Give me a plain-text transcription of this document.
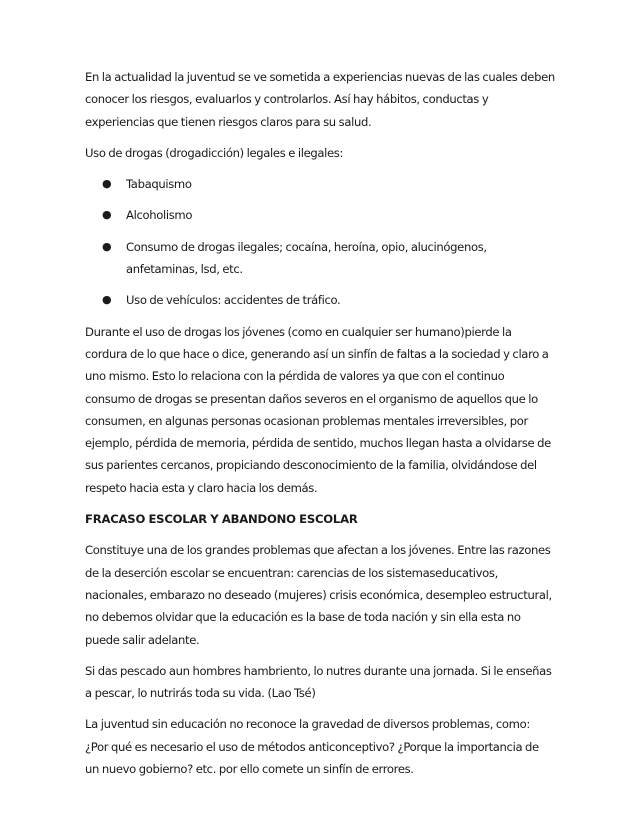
En la actualidad la juventud se ve sometida a experiencias nuevas de las cuales deben conocer los riesgos, evaluarlos y controlarlos. Así hay hábitos, conductas y experiencias que tienen riesgos claros para su salud.

Uso de drogas (drogadicción) legales e ilegales:

● Tabaquismo
● Alcoholismo
● Consumo de drogas ilegales; cocaína, heroína, opio, alucinógenos, anfetaminas, lsd, etc.
● Uso de vehículos: accidentes de tráfico.

Durante el uso de drogas los jóvenes (como en cualquier ser humano)pierde la cordura de lo que hace o dice, generando así un sinfín de faltas a la sociedad y claro a uno mismo. Esto lo relaciona con la pérdida de valores ya que con el continuo consumo de drogas se presentan daños severos en el organismo de aquellos que lo consumen, en algunas personas ocasionan problemas mentales irreversibles, por ejemplo, pérdida de memoria, pérdida de sentido, muchos llegan hasta a olvidarse de sus parientes cercanos, propiciando desconocimiento de la familia, olvidándose del respeto hacia esta y claro hacia los demás.

FRACASO ESCOLAR Y ABANDONO ESCOLAR

Constituye una de los grandes problemas que afectan a los jóvenes. Entre las razones de la deserción escolar se encuentran: carencias de los sistemaseducativos, nacionales, embarazo no deseado (mujeres) crisis económica, desempleo estructural, no debemos olvidar que la educación es la base de toda nación y sin ella esta no puede salir adelante.

Si das pescado aun hombres hambriento, lo nutres durante una jornada. Si le enseñas a pescar, lo nutrirás toda su vida. (Lao Tsé)

La juventud sin educación no reconoce la gravedad de diversos problemas, como: ¿Por qué es necesario el uso de métodos anticonceptivo? ¿Porque la importancia de un nuevo gobierno? etc. por ello comete un sinfín de errores.
